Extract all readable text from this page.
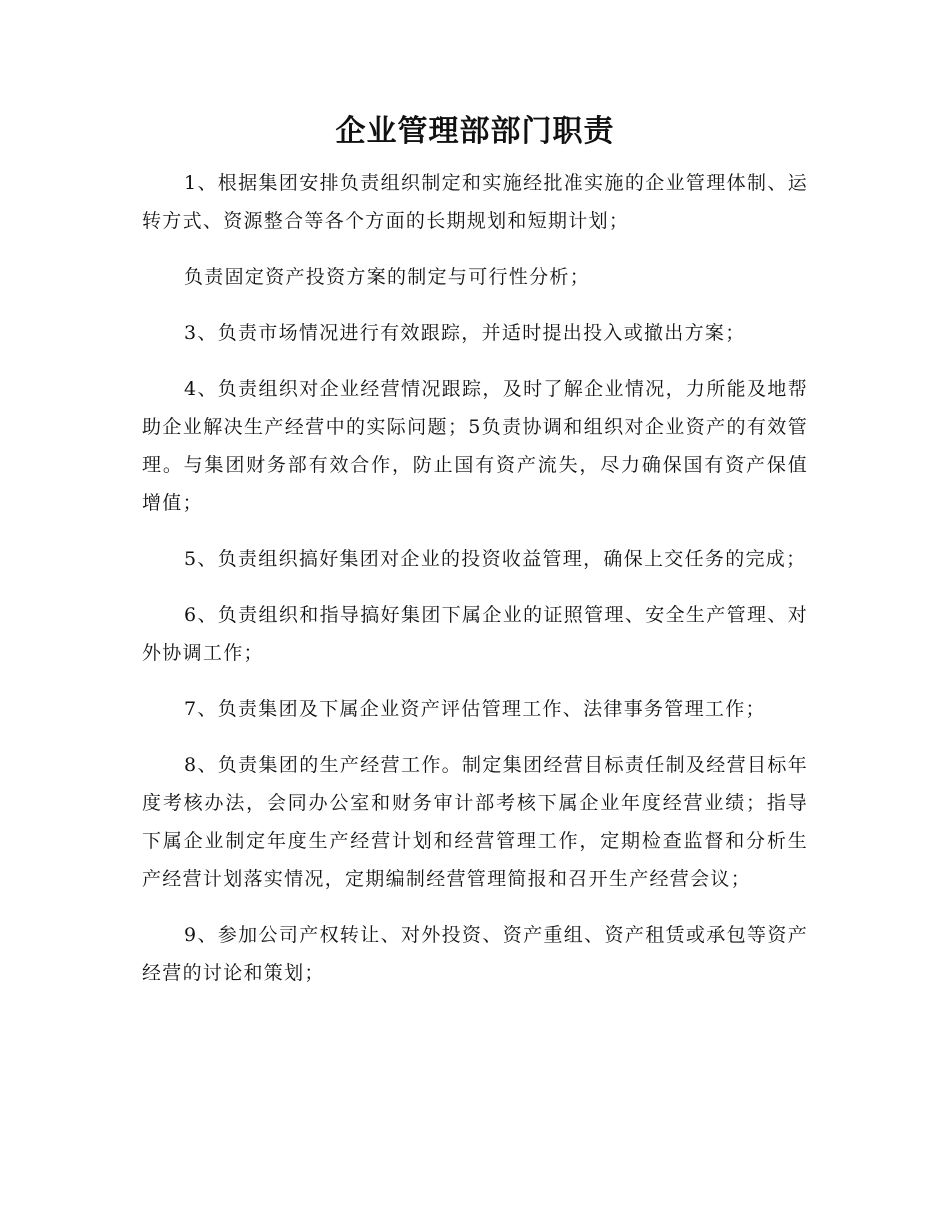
企业管理部部门职责

1、根据集团安排负责组织制定和实施经批准实施的企业管理体制、运转方式、资源整合等各个方面的长期规划和短期计划；

负责固定资产投资方案的制定与可行性分析；

3、负责市场情况进行有效跟踪，并适时提出投入或撤出方案；

4、负责组织对企业经营情况跟踪，及时了解企业情况，力所能及地帮助企业解决生产经营中的实际问题；5负责协调和组织对企业资产的有效管理。与集团财务部有效合作，防止国有资产流失，尽力确保国有资产保值增值；

5、负责组织搞好集团对企业的投资收益管理，确保上交任务的完成；

6、负责组织和指导搞好集团下属企业的证照管理、安全生产管理、对外协调工作；

7、负责集团及下属企业资产评估管理工作、法律事务管理工作；

8、负责集团的生产经营工作。制定集团经营目标责任制及经营目标年度考核办法，会同办公室和财务审计部考核下属企业年度经营业绩；指导下属企业制定年度生产经营计划和经营管理工作，定期检查监督和分析生产经营计划落实情况，定期编制经营管理简报和召开生产经营会议；

9、参加公司产权转让、对外投资、资产重组、资产租赁或承包等资产经营的讨论和策划；
